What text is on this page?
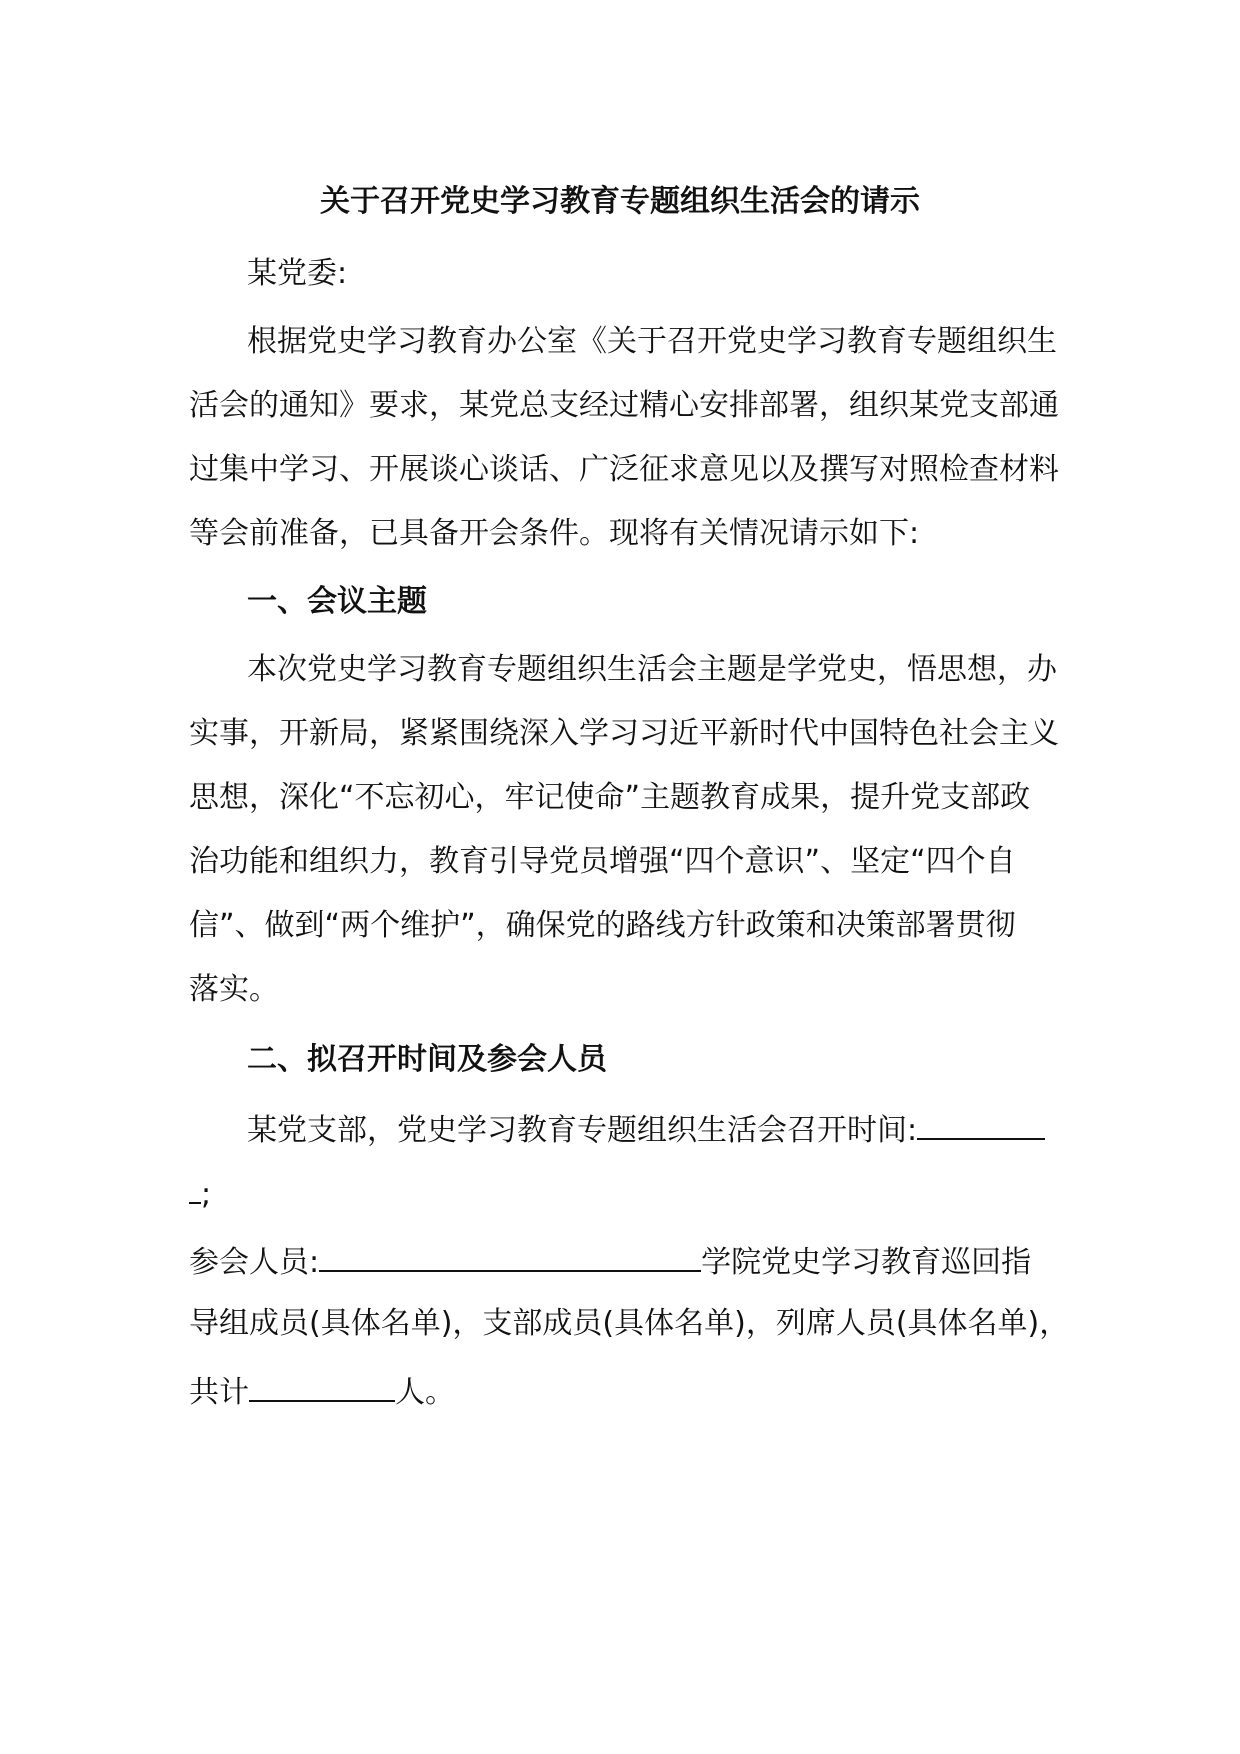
关于召开党史学习教育专题组织生活会的请示
某党委:
根据党史学习教育办公室《关于召开党史学习教育专题组织生
活会的通知》要求，某党总支经过精心安排部署，组织某党支部通
过集中学习、开展谈心谈话、广泛征求意见以及撰写对照检查材料
等会前准备，已具备开会条件。现将有关情况请示如下:
一、会议主题
本次党史学习教育专题组织生活会主题是学党史，悟思想，办
实事，开新局，紧紧围绕深入学习习近平新时代中国特色社会主义
思想，深化“不忘初心，牢记使命”主题教育成果，提升党支部政
治功能和组织力，教育引导党员增强“四个意识”、坚定“四个自
信”、做到“两个维护”，确保党的路线方针政策和决策部署贯彻
落实。
二、拟召开时间及参会人员
某党支部，党史学习教育专题组织生活会召开时间:
;
参会人员:	学院党史学习教育巡回指
导组成员(具体名单)，支部成员(具体名单)，列席人员(具体名单)，
共计	人。
